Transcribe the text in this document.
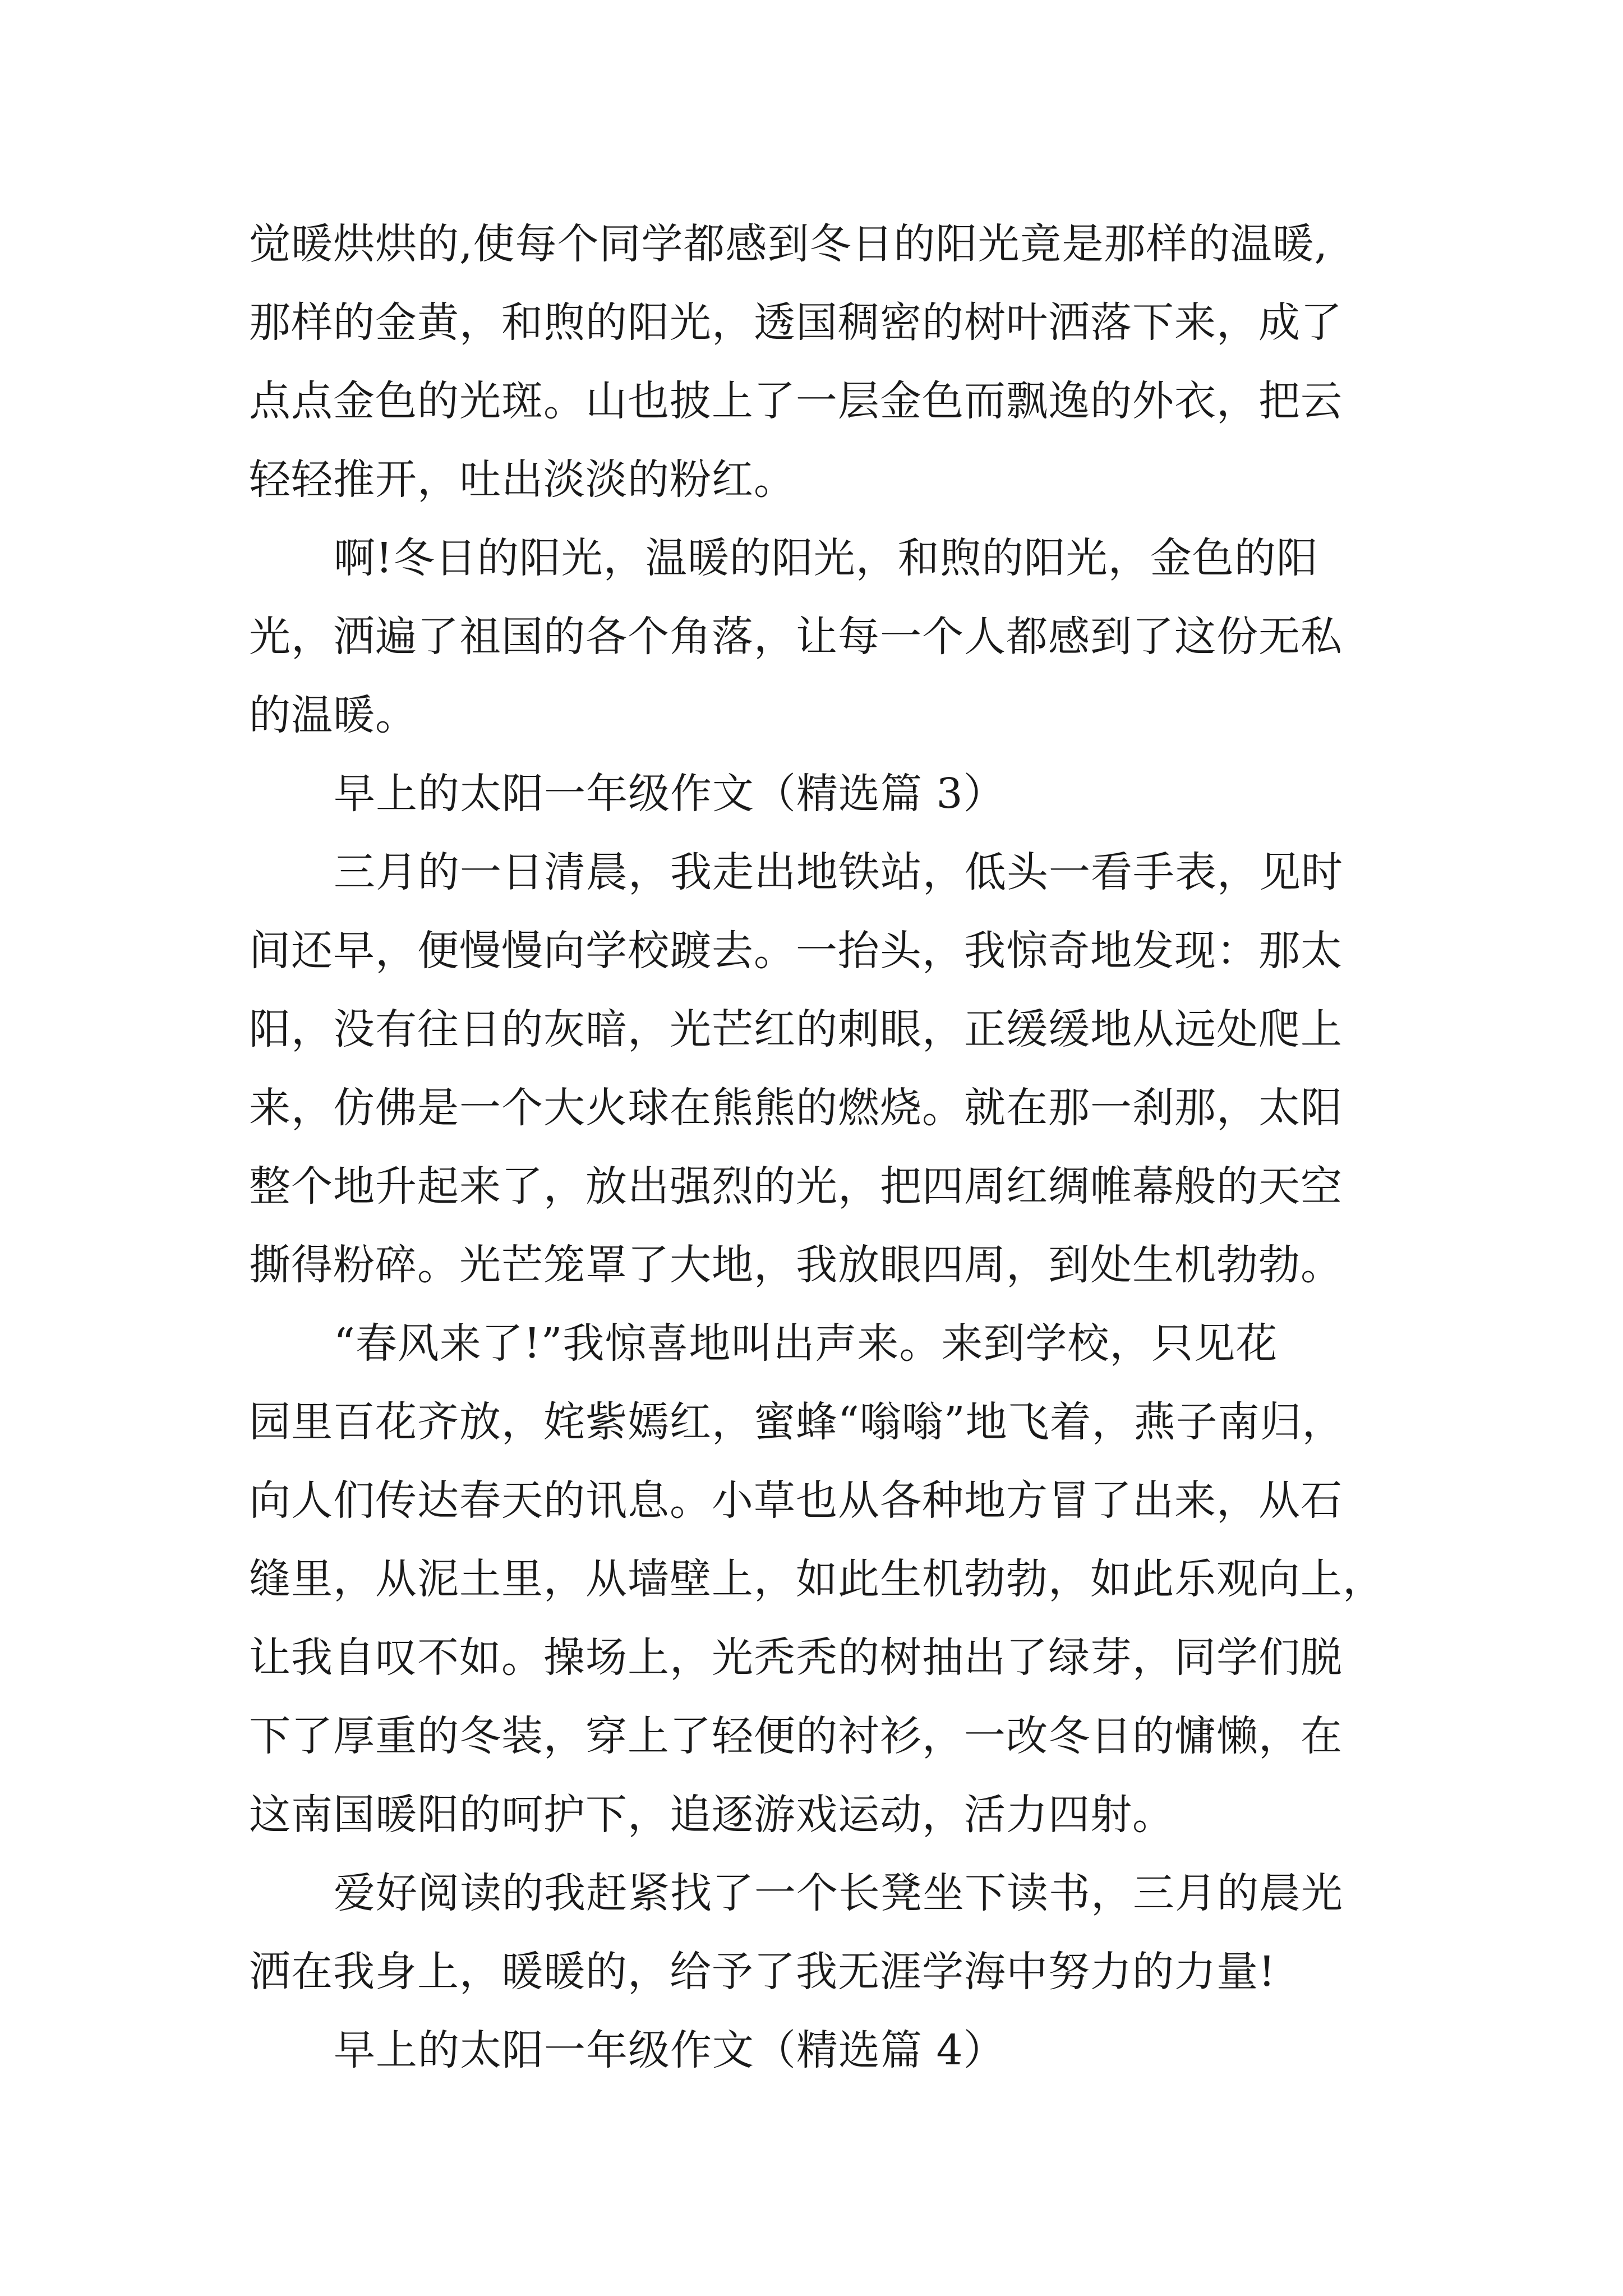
觉暖烘烘的,使每个同学都感到冬日的阳光竟是那样的温暖,
那样的金黄，和煦的阳光，透国稠密的树叶洒落下来，成了
点点金色的光斑。山也披上了一层金色而飘逸的外衣，把云
轻轻推开，吐出淡淡的粉红。
啊!冬日的阳光，温暖的阳光，和煦的阳光，金色的阳
光，洒遍了祖国的各个角落，让每一个人都感到了这份无私
的温暖。
早上的太阳一年级作文（精选篇 3）
三月的一日清晨，我走出地铁站，低头一看手表，见时
间还早，便慢慢向学校踱去。一抬头，我惊奇地发现：那太
阳，没有往日的灰暗，光芒红的刺眼，正缓缓地从远处爬上
来，仿佛是一个大火球在熊熊的燃烧。就在那一刹那，太阳
整个地升起来了，放出强烈的光，把四周红绸帷幕般的天空
撕得粉碎。光芒笼罩了大地，我放眼四周，到处生机勃勃。
“春风来了!”我惊喜地叫出声来。来到学校，只见花
园里百花齐放，姹紫嫣红，蜜蜂“嗡嗡”地飞着，燕子南归，
向人们传达春天的讯息。小草也从各种地方冒了出来，从石
缝里，从泥土里，从墙壁上，如此生机勃勃，如此乐观向上，
让我自叹不如。操场上，光秃秃的树抽出了绿芽，同学们脱
下了厚重的冬装，穿上了轻便的衬衫，一改冬日的慵懒，在
这南国暖阳的呵护下，追逐游戏运动，活力四射。
爱好阅读的我赶紧找了一个长凳坐下读书，三月的晨光
洒在我身上，暖暖的，给予了我无涯学海中努力的力量!
早上的太阳一年级作文（精选篇 4）
